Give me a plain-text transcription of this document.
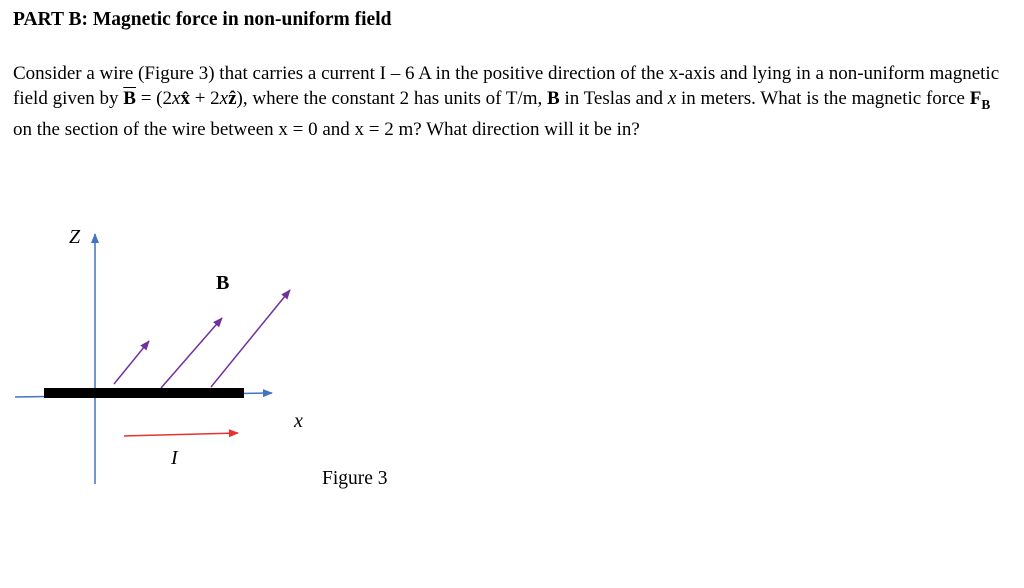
PART B: Magnetic force in non-uniform field

Consider a wire (Figure 3) that carries a current I – 6 A in the positive direction of the x-axis and lying in a non-uniform magnetic field given by $\overline{B}$ = (2xx̂ + 2xẑ), where the constant 2 has units of T/m, B in Teslas and x in meters. What is the magnetic force $F_B$ on the section of the wire between x = 0 and x = 2 m? What direction will it be in?

Z
B
x
I
Figure 3
